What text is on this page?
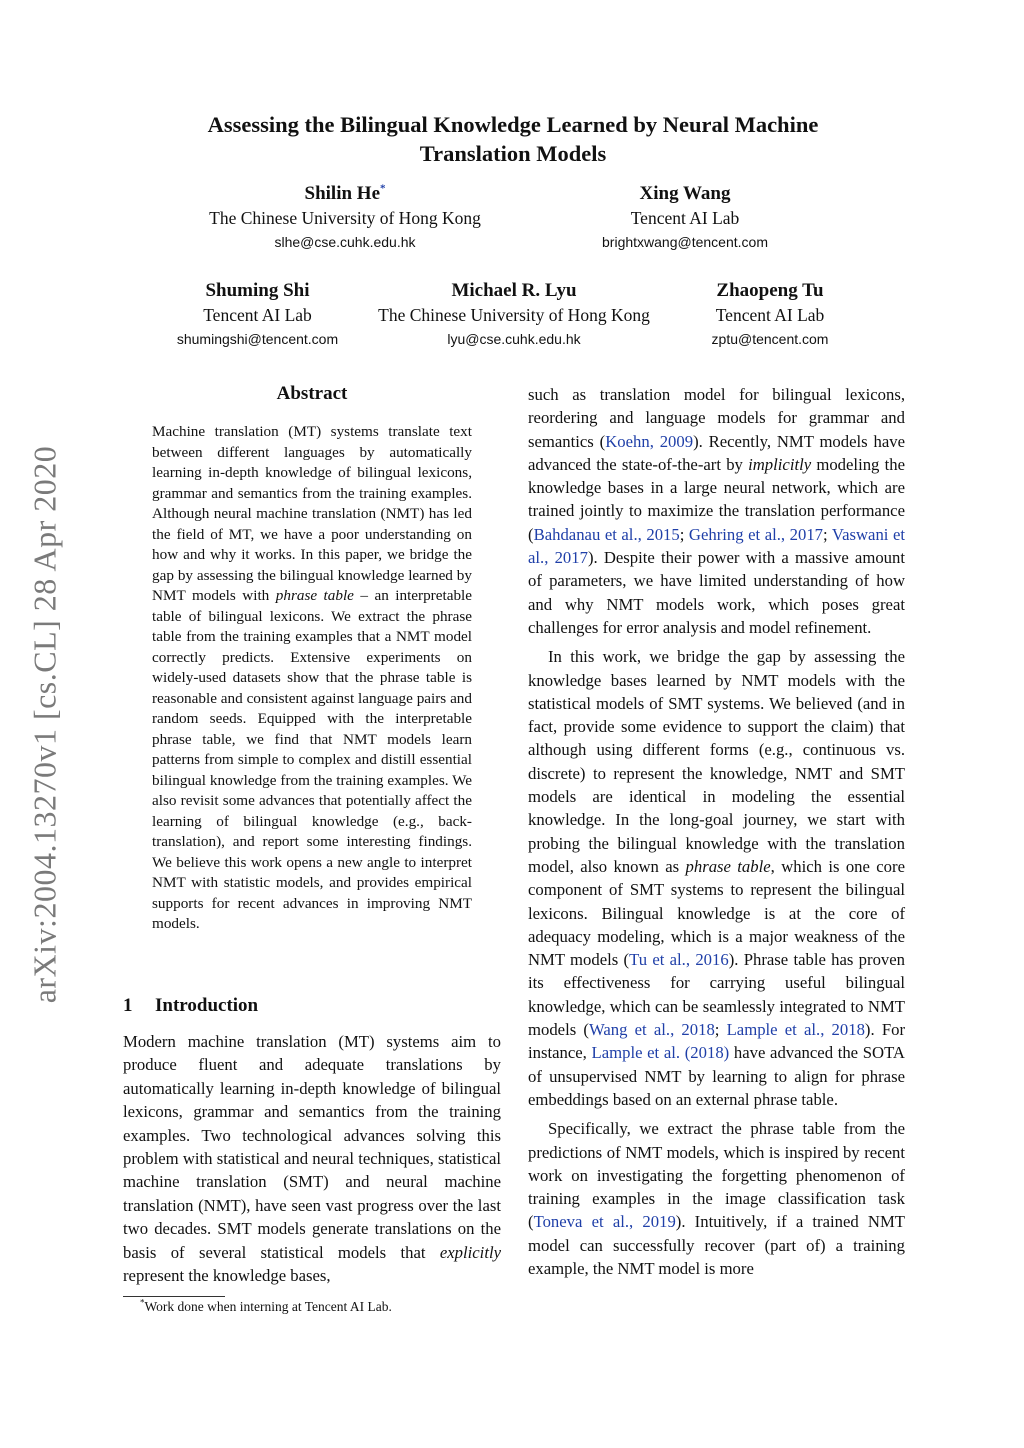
arXiv:2004.13270v1 [cs.CL] 28 Apr 2020
Assessing the Bilingual Knowledge Learned by Neural Machine
Translation Models
Shilin He*
The Chinese University of Hong Kong
slhe@cse.cuhk.edu.hk
Xing Wang
Tencent AI Lab
brightxwang@tencent.com
Shuming Shi
Tencent AI Lab
shumingshi@tencent.com
Michael R. Lyu
The Chinese University of Hong Kong
lyu@cse.cuhk.edu.hk
Zhaopeng Tu
Tencent AI Lab
zptu@tencent.com
Abstract

Machine translation (MT) systems translate text between different languages by automatically learning in-depth knowledge of bilingual lexicons, grammar and semantics from the training examples. Although neural machine translation (NMT) has led the field of MT, we have a poor understanding on how and why it works. In this paper, we bridge the gap by assessing the bilingual knowledge learned by NMT models with phrase table – an interpretable table of bilingual lexicons. We extract the phrase table from the training examples that a NMT model correctly predicts. Extensive experiments on widely-used datasets show that the phrase table is reasonable and consistent against language pairs and random seeds. Equipped with the interpretable phrase table, we find that NMT models learn patterns from simple to complex and distill essential bilingual knowledge from the training examples. We also revisit some advances that potentially affect the learning of bilingual knowledge (e.g., back-translation), and report some interesting findings. We believe this work opens a new angle to interpret NMT with statistic models, and provides empirical supports for recent advances in improving NMT models.

1 Introduction

Modern machine translation (MT) systems aim to produce fluent and adequate translations by automatically learning in-depth knowledge of bilingual lexicons, grammar and semantics from the training examples. Two technological advances solving this problem with statistical and neural techniques, statistical machine translation (SMT) and neural machine translation (NMT), have seen vast progress over the last two decades. SMT models generate translations on the basis of several statistical models that explicitly represent the knowledge bases,

*Work done when interning at Tencent AI Lab.

such as translation model for bilingual lexicons, reordering and language models for grammar and semantics (Koehn, 2009). Recently, NMT models have advanced the state-of-the-art by implicitly modeling the knowledge bases in a large neural network, which are trained jointly to maximize the translation performance (Bahdanau et al., 2015; Gehring et al., 2017; Vaswani et al., 2017). Despite their power with a massive amount of parameters, we have limited understanding of how and why NMT models work, which poses great challenges for error analysis and model refinement.

In this work, we bridge the gap by assessing the knowledge bases learned by NMT models with the statistical models of SMT systems. We believed (and in fact, provide some evidence to support the claim) that although using different forms (e.g., continuous vs. discrete) to represent the knowledge, NMT and SMT models are identical in modeling the essential knowledge. In the long-goal journey, we start with probing the bilingual knowledge with the translation model, also known as phrase table, which is one core component of SMT systems to represent the bilingual lexicons. Bilingual knowledge is at the core of adequacy modeling, which is a major weakness of the NMT models (Tu et al., 2016). Phrase table has proven its effectiveness for carrying useful bilingual knowledge, which can be seamlessly integrated to NMT models (Wang et al., 2018; Lample et al., 2018). For instance, Lample et al. (2018) have advanced the SOTA of unsupervised NMT by learning to align for phrase embeddings based on an external phrase table.

Specifically, we extract the phrase table from the predictions of NMT models, which is inspired by recent work on investigating the forgetting phenomenon of training examples in the image classification task (Toneva et al., 2019). Intuitively, if a trained NMT model can successfully recover (part of) a training example, the NMT model is more
